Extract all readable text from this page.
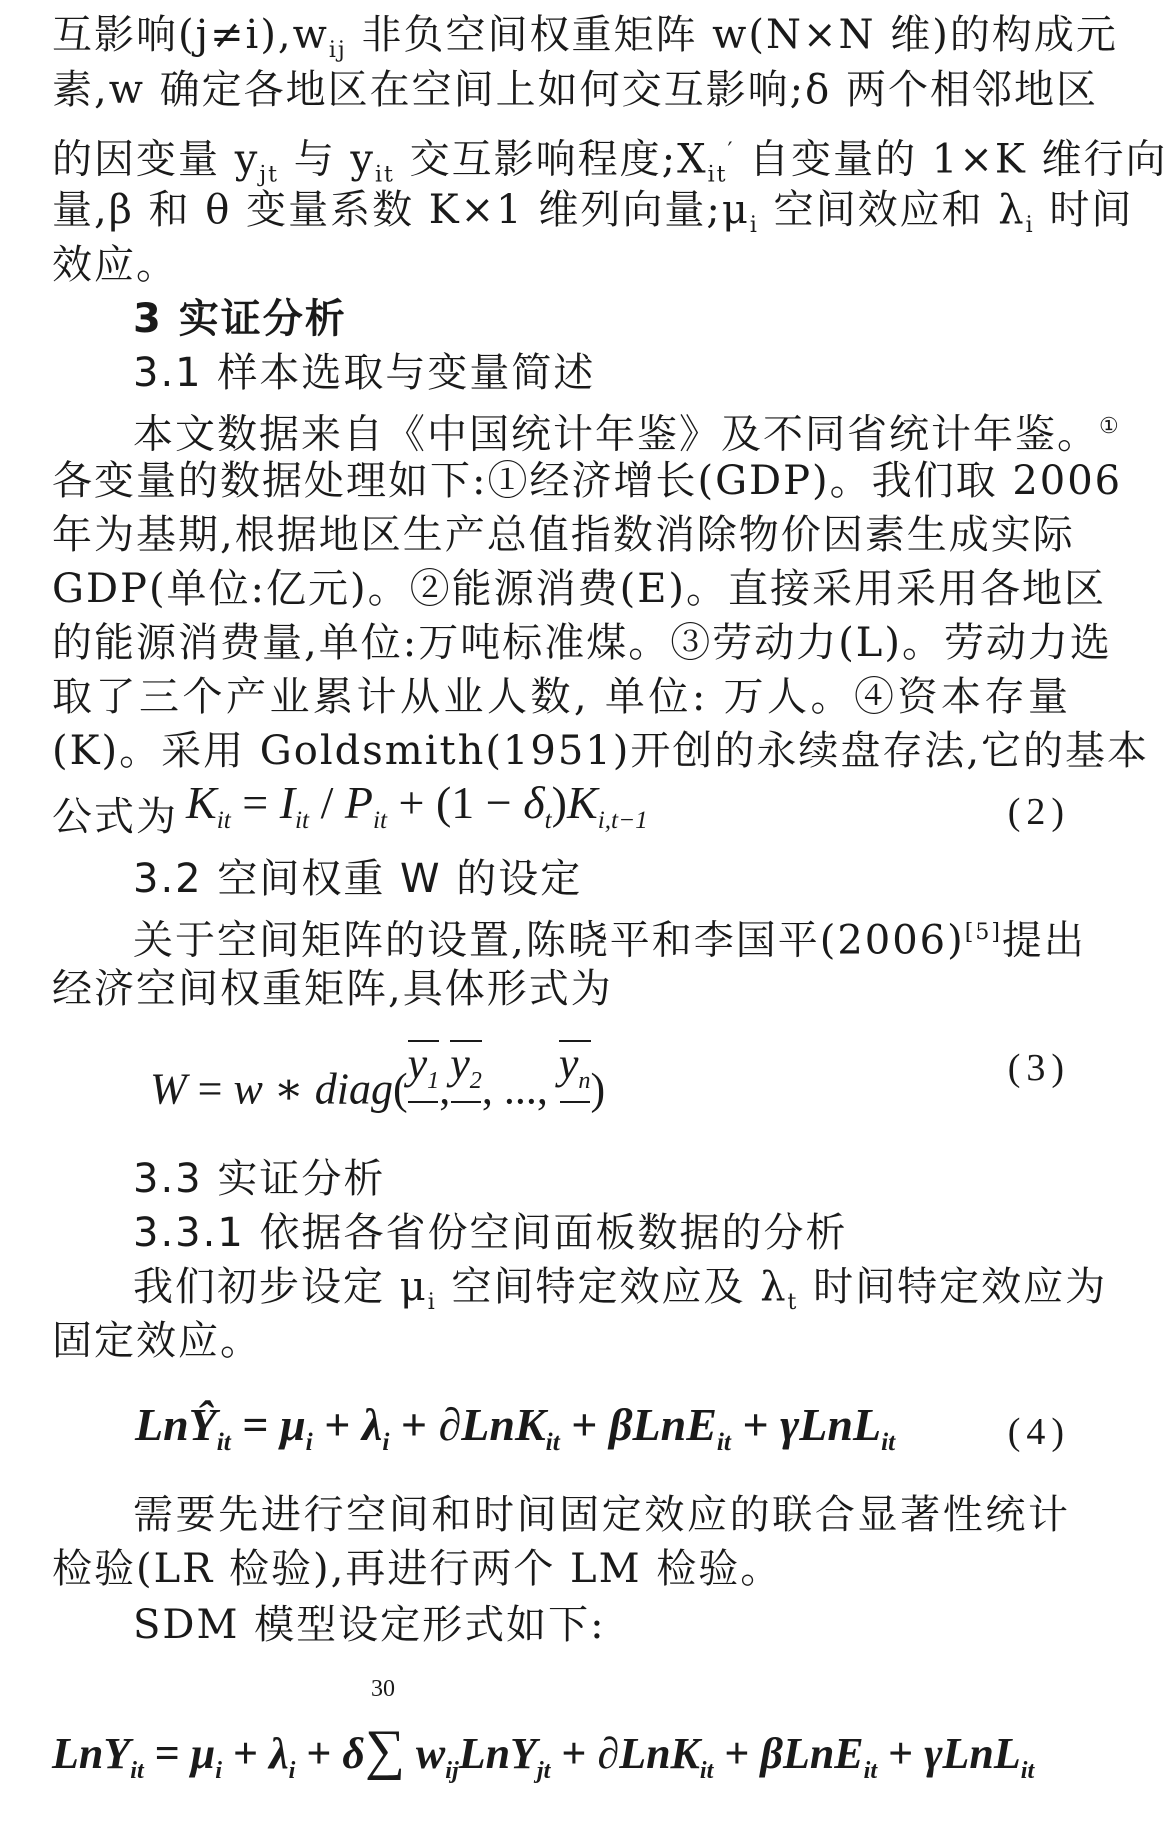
互影响$(j\ne i),w_{ij}$ 非负空间权重矩阵 w(N×N 维)的构成元
素,w 确定各地区在空间上如何交互影响;δ 两个相邻地区
的因变量 $y_{jt}$ 与 $y_{it}$ 交互影响程度$;X_{it}'$ 自变量的 1×K 维行向
量,β 和 θ 变量系数 K×1 维列向量$;\mu_i$ 空间效应和 $\lambda_i$ 时间
效应。
3 实证分析
3.1 样本选取与变量简述
本文数据来自《中国统计年鉴》及不同省统计年鉴。①
各变量的数据处理如下:①经济增长(GDP)。我们取 2006
年为基期,根据地区生产总值指数消除物价因素生成实际
GDP(单位:亿元)。②能源消费(E)。直接采用采用各地区
的能源消费量,单位:万吨标准煤。③劳动力(L)。劳动力选
取了三个产业累计从业人数, 单位: 万人。④资本存量
(K)。采用 Goldsmith(1951)开创的永续盘存法,它的基本
公式为 $K_{it} = I_{it} / P_{it} + (1 - \delta_t)K_{i,t-1}$	(2)
3.2 空间权重 W 的设定
关于空间矩阵的设置,陈晓平和李国平(2006)[5]提出
经济空间权重矩阵,具体形式为
W = w ∗ diag(
$y_1$
,
$y_2$
, ...,
$y_n$
)	(3)
3.3 实证分析
3.3.1 依据各省份空间面板数据的分析
我们初步设定 $\mu_i$ 空间特定效应及 $\lambda_t$ 时间特定效应为
固定效应。
LnŶ$_{it}$ = $\mu_i + \lambda_i + \partial LnK_{it} + \beta LnE_{it} + \gamma LnL_{it}$	(4)
需要先进行空间和时间固定效应的联合显著性统计
检验(LR 检验),再进行两个 LM 检验。
SDM 模型设定形式如下:
$LnY_{it} = \mu_i + \lambda_i + \delta$
30
∑ $w_{ij}LnY_{jt} + \partial LnK_{it} + \beta LnE_{it} + \gamma LnL_{it}$
